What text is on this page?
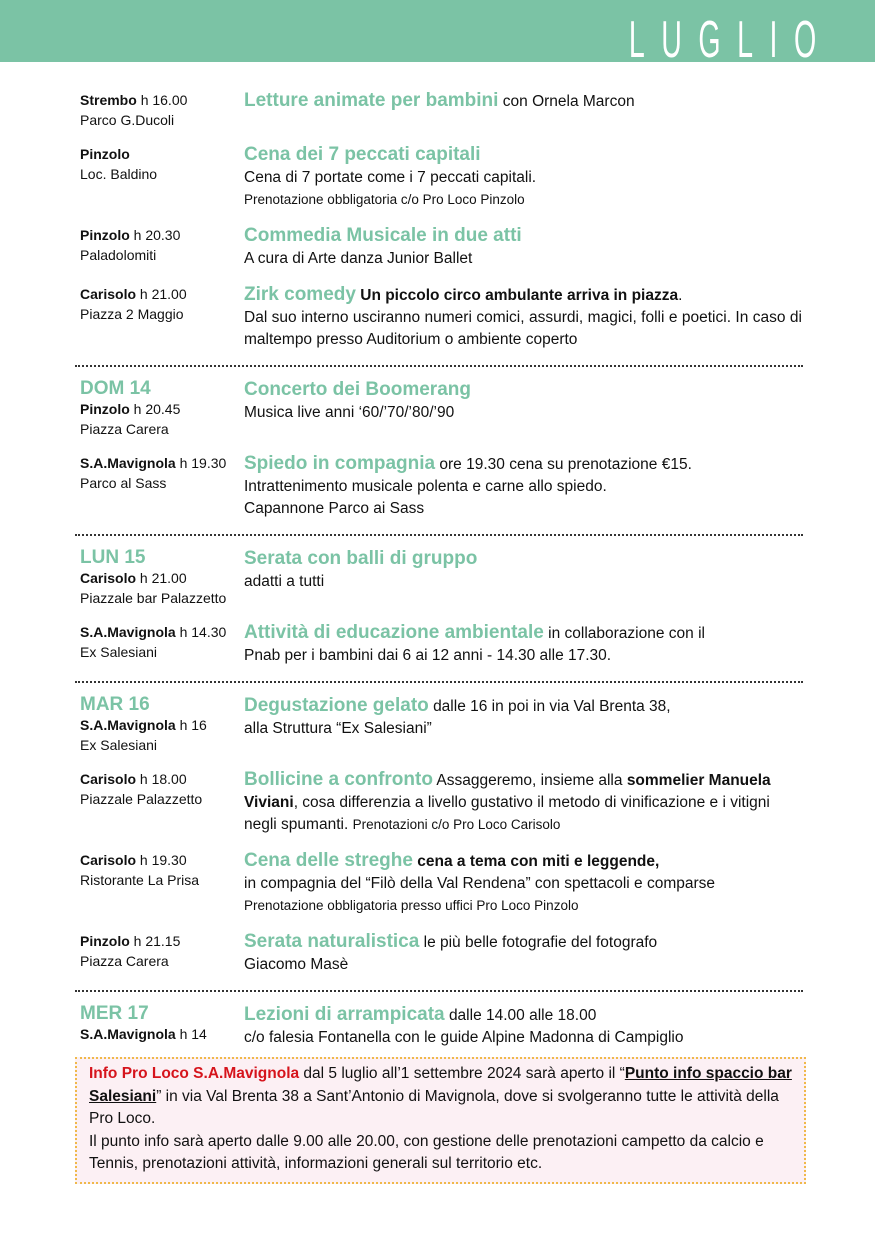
LUGLIO
Strembo h 16.00
Parco G.Ducoli
Letture animate per bambini con Ornela Marcon
Pinzolo
Loc. Baldino
Cena dei 7 peccati capitali
Cena di 7 portate come i 7 peccati capitali.
Prenotazione obbligatoria c/o Pro Loco Pinzolo
Pinzolo h 20.30
Paladolomiti
Commedia Musicale in due atti
A cura di Arte danza Junior Ballet
Carisolo h 21.00
Piazza 2 Maggio
Zirk comedy Un piccolo circo ambulante arriva in piazza.
Dal suo interno usciranno numeri comici, assurdi, magici, folli e poetici. In caso di maltempo presso Auditorium o ambiente coperto
DOM 14
Pinzolo h 20.45
Piazza Carera
Concerto dei Boomerang
Musica live anni ‘60/’70/’80/’90
S.A.Mavignola h 19.30
Parco al Sass
Spiedo in compagnia ore 19.30 cena su prenotazione €15.
Intrattenimento musicale polenta e carne allo spiedo.
Capannone Parco ai Sass
LUN 15
Carisolo h 21.00
Piazzale bar Palazzetto
Serata con balli di gruppo
adatti a tutti
S.A.Mavignola h 14.30
Ex Salesiani
Attività di educazione ambientale in collaborazione con il
Pnab per i bambini dai 6 ai 12 anni - 14.30 alle 17.30.
MAR 16
S.A.Mavignola h 16
Ex Salesiani
Degustazione gelato dalle 16 in poi in via Val Brenta 38,
alla Struttura “Ex Salesiani”
Carisolo h 18.00
Piazzale Palazzetto
Bollicine a confronto Assaggeremo, insieme alla sommelier Manuela Viviani, cosa differenzia a livello gustativo il metodo di vinificazione e i vitigni negli spumanti. Prenotazioni c/o Pro Loco Carisolo
Carisolo h 19.30
Ristorante La Prisa
Cena delle streghe cena a tema con miti e leggende,
in compagnia del “Filò della Val Rendena” con spettacoli e comparse
Prenotazione obbligatoria presso uffici Pro Loco Pinzolo
Pinzolo h 21.15
Piazza Carera
Serata naturalistica le più belle fotografie del fotografo
Giacomo Masè
MER 17
S.A.Mavignola h 14
Lezioni di arrampicata dalle 14.00 alle 18.00
c/o falesia Fontanella con le guide Alpine Madonna di Campiglio
Info Pro Loco S.A.Mavignola dal 5 luglio all’1 settembre 2024 sarà aperto il “Punto info spaccio bar Salesiani” in via Val Brenta 38 a Sant’Antonio di Mavignola, dove si svolgeranno tutte le attività della Pro Loco.
Il punto info sarà aperto dalle 9.00 alle 20.00, con gestione delle prenotazioni campetto da calcio e Tennis, prenotazioni attività, informazioni generali sul territorio etc.
